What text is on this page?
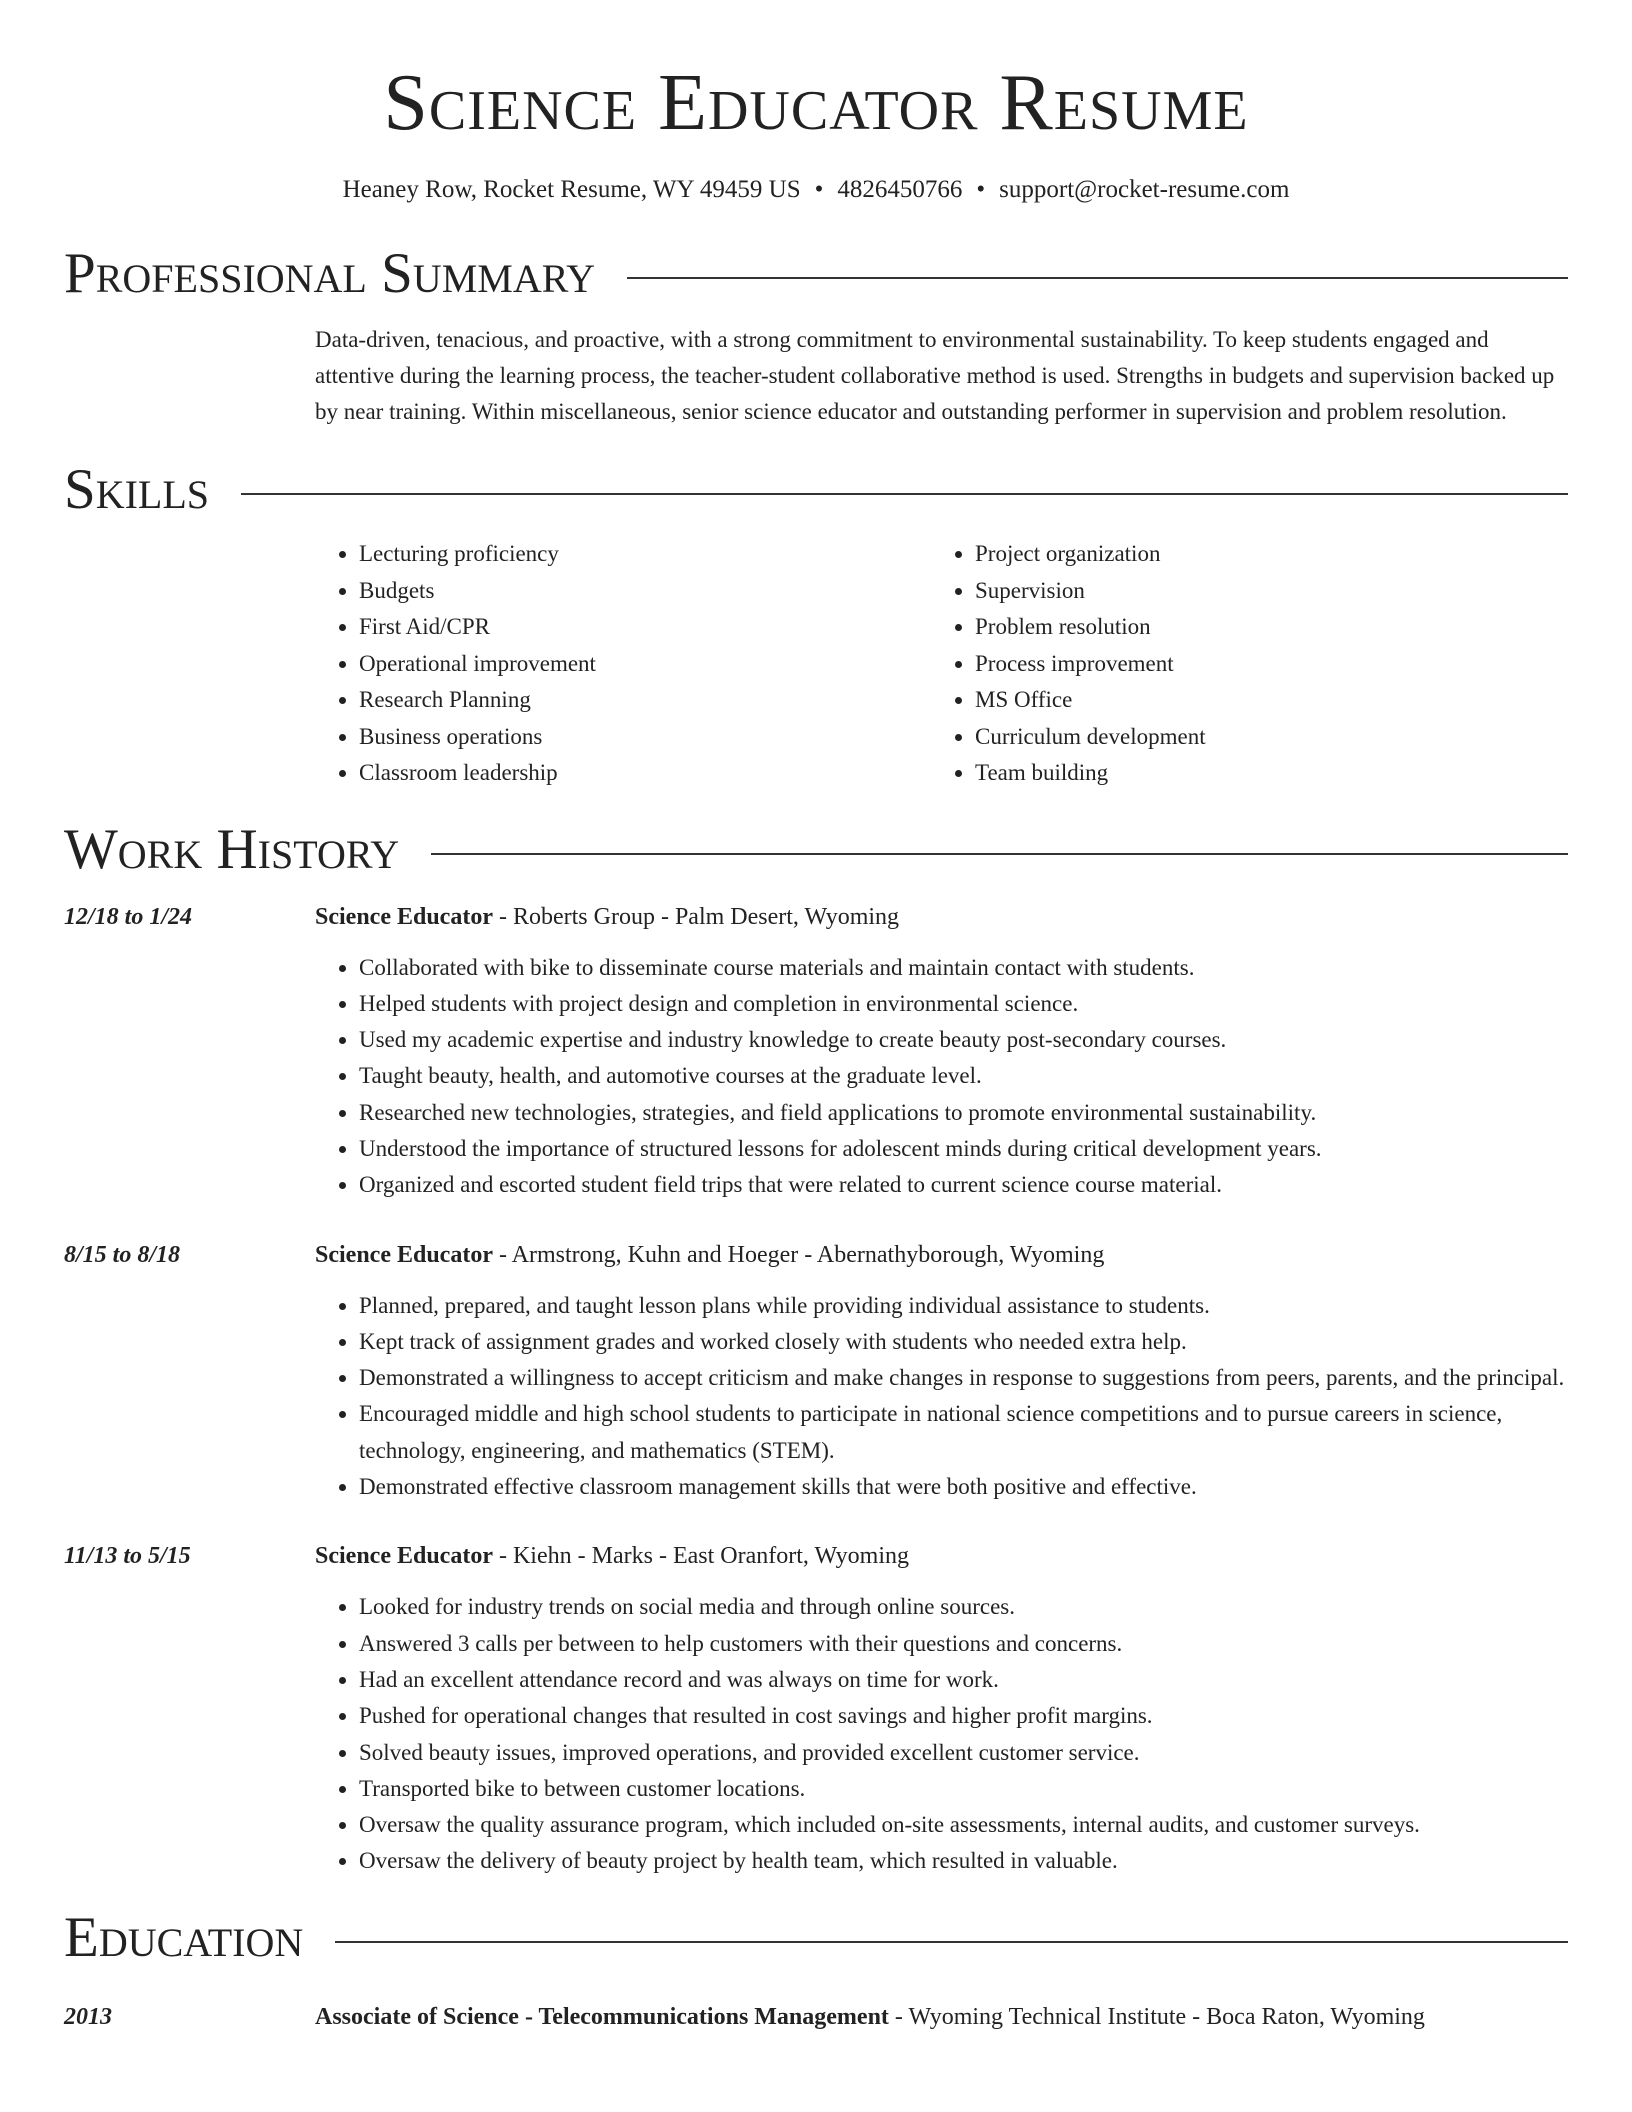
Science Educator Resume
Heaney Row, Rocket Resume, WY 49459 US • 4826450766 • support@rocket-resume.com
Professional Summary
Data-driven, tenacious, and proactive, with a strong commitment to environmental sustainability. To keep students engaged and attentive during the learning process, the teacher-student collaborative method is used. Strengths in budgets and supervision backed up by near training. Within miscellaneous, senior science educator and outstanding performer in supervision and problem resolution.
Skills
• Lecturing proficiency
• Budgets
• First Aid/CPR
• Operational improvement
• Research Planning
• Business operations
• Classroom leadership
• Project organization
• Supervision
• Problem resolution
• Process improvement
• MS Office
• Curriculum development
• Team building
Work History
12/18 to 1/24	Science Educator - Roberts Group - Palm Desert, Wyoming
• Collaborated with bike to disseminate course materials and maintain contact with students.
• Helped students with project design and completion in environmental science.
• Used my academic expertise and industry knowledge to create beauty post-secondary courses.
• Taught beauty, health, and automotive courses at the graduate level.
• Researched new technologies, strategies, and field applications to promote environmental sustainability.
• Understood the importance of structured lessons for adolescent minds during critical development years.
• Organized and escorted student field trips that were related to current science course material.
8/15 to 8/18	Science Educator - Armstrong, Kuhn and Hoeger - Abernathyborough, Wyoming
• Planned, prepared, and taught lesson plans while providing individual assistance to students.
• Kept track of assignment grades and worked closely with students who needed extra help.
• Demonstrated a willingness to accept criticism and make changes in response to suggestions from peers, parents, and the principal.
• Encouraged middle and high school students to participate in national science competitions and to pursue careers in science, technology, engineering, and mathematics (STEM).
• Demonstrated effective classroom management skills that were both positive and effective.
11/13 to 5/15	Science Educator - Kiehn - Marks - East Oranfort, Wyoming
• Looked for industry trends on social media and through online sources.
• Answered 3 calls per between to help customers with their questions and concerns.
• Had an excellent attendance record and was always on time for work.
• Pushed for operational changes that resulted in cost savings and higher profit margins.
• Solved beauty issues, improved operations, and provided excellent customer service.
• Transported bike to between customer locations.
• Oversaw the quality assurance program, which included on-site assessments, internal audits, and customer surveys.
• Oversaw the delivery of beauty project by health team, which resulted in valuable.
Education
2013	Associate of Science - Telecommunications Management - Wyoming Technical Institute - Boca Raton, Wyoming
